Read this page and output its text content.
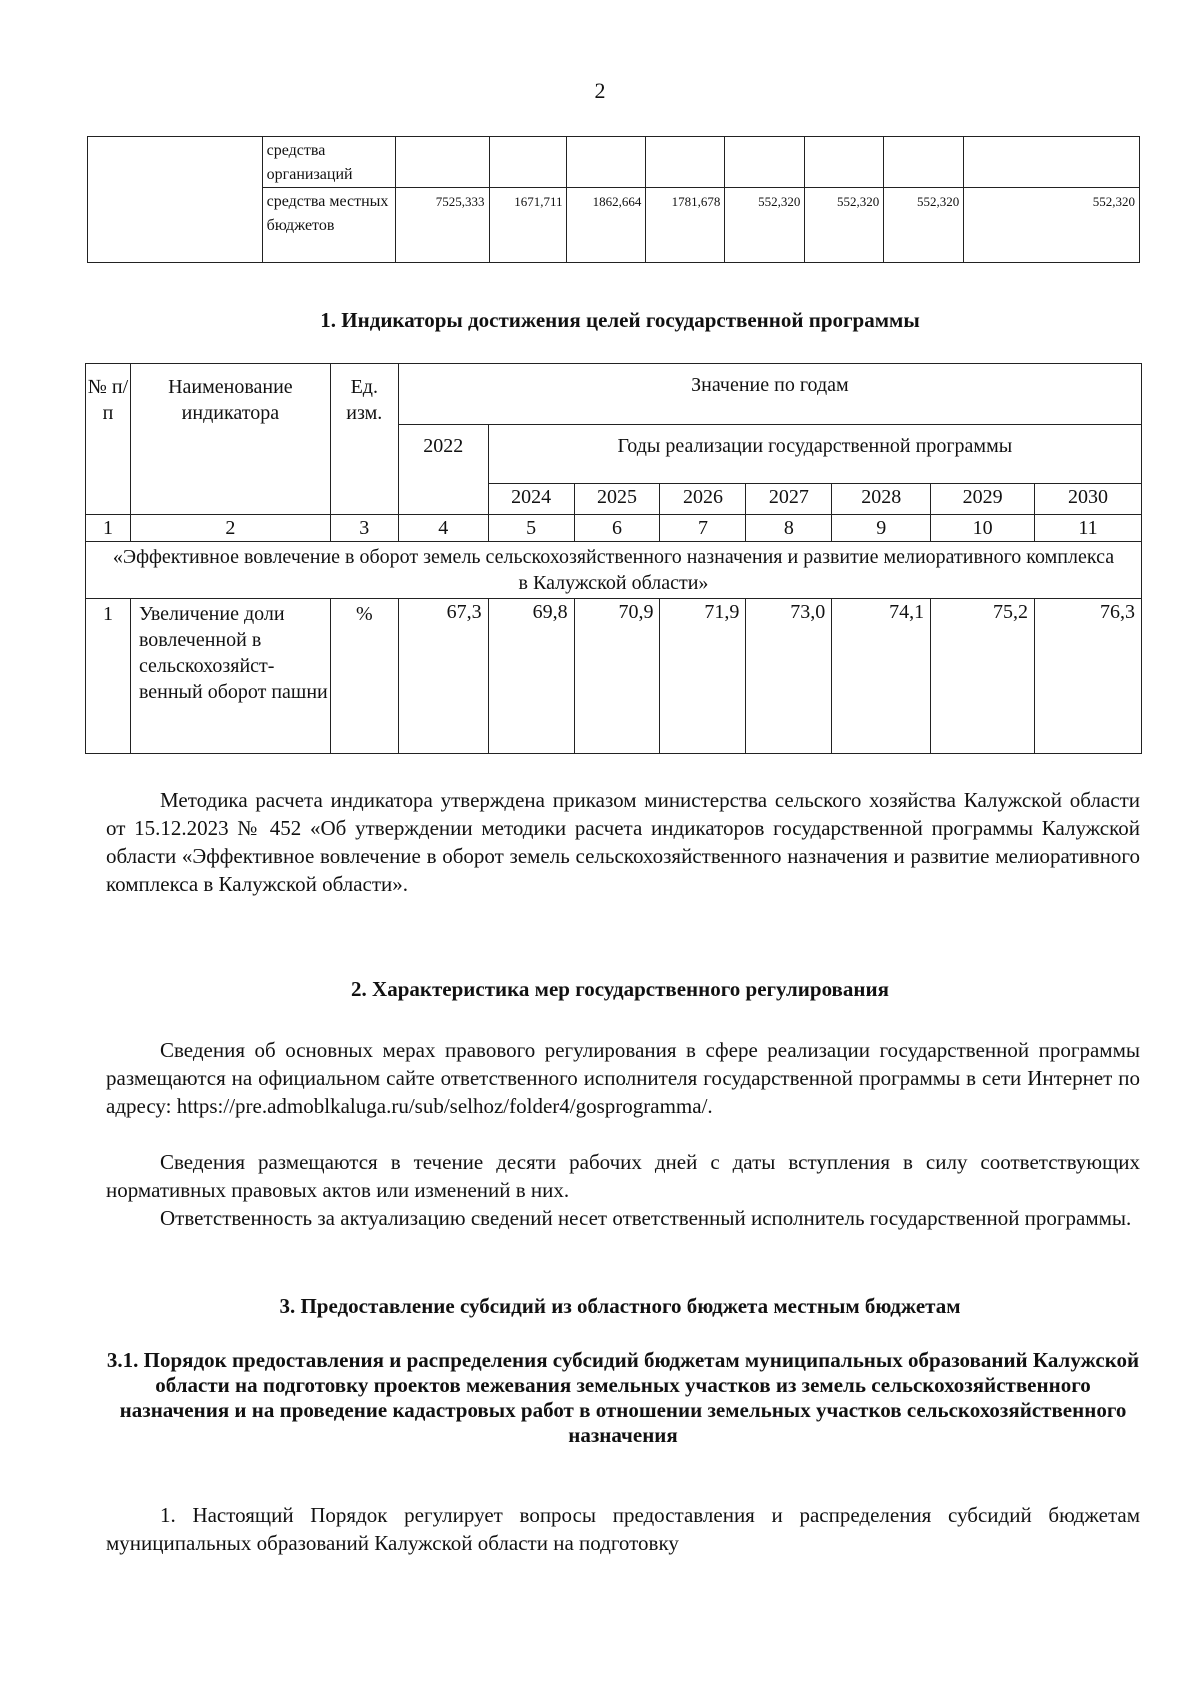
2
	средства организаций								
	средства местных бюджетов	7525,333	1671,711	1862,664	1781,678	552,320	552,320	552,320	552,320
1. Индикаторы достижения целей государственной программы
№ п/п	Наименование индикатора	Ед. изм.	Значение по годам							
			2022	Годы реализации государственной программы						
				2024	2025	2026	2027	2028	2029	2030
1	2	3	4	5	6	7	8	9	10	11
«Эффективное вовлечение в оборот земель сельскохозяйственного назначения и развитие мелиоративного комплекса в Калужской области»										
1	Увеличение доли вовлеченной в сельскохозяйст-венный оборот пашни	%	67,3	69,8	70,9	71,9	73,0	74,1	75,2	76,3
Методика расчета индикатора утверждена приказом министерства сельского хозяйства Калужской области от 15.12.2023 № 452 «Об утверждении методики расчета индикаторов государственной программы Калужской области «Эффективное вовлечение в оборот земель сельскохозяйственного назначения и развитие мелиоративного комплекса в Калужской области».
2. Характеристика мер государственного регулирования
Сведения об основных мерах правового регулирования в сфере реализации государственной программы размещаются на официальном сайте ответственного исполнителя государственной программы в сети Интернет по адресу: https://pre.admoblkaluga.ru/sub/selhoz/folder4/gosprogramma/.
Сведения размещаются в течение десяти рабочих дней с даты вступления в силу соответствующих нормативных правовых актов или изменений в них.
Ответственность за актуализацию сведений несет ответственный исполнитель государственной программы.
3. Предоставление субсидий из областного бюджета местным бюджетам
3.1. Порядок предоставления и распределения субсидий бюджетам муниципальных образований Калужской области на подготовку проектов межевания земельных участков из земель сельскохозяйственного назначения и на проведение кадастровых работ в отношении земельных участков сельскохозяйственного назначения
1. Настоящий Порядок регулирует вопросы предоставления и распределения субсидий бюджетам муниципальных образований Калужской области на подготовку
